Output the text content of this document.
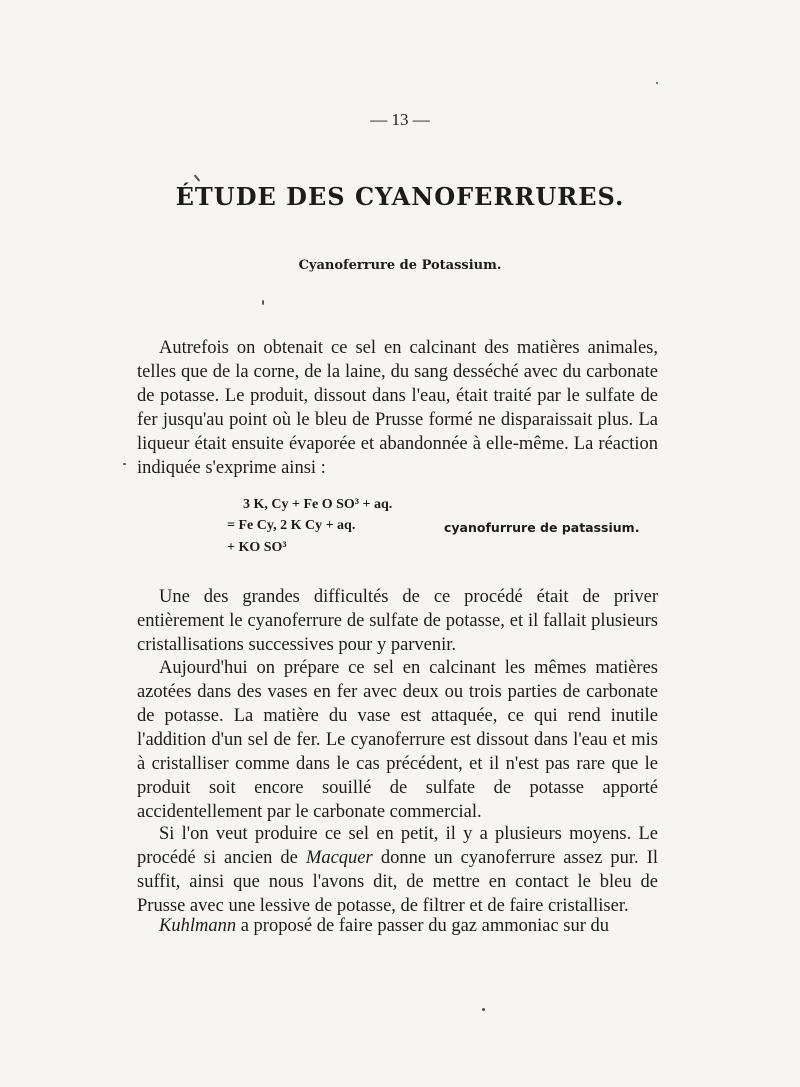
— 13 —
ÉTUDE DES CYANOFERRURES.
Cyanoferrure de Potassium.

Autrefois on obtenait ce sel en calcinant des matières animales, telles que de la corne, de la laine, du sang desséché avec du carbonate de potasse. Le produit, dissout dans l'eau, était traité par le sulfate de fer jusqu'au point où le bleu de Prusse formé ne disparaissait plus. La liqueur était ensuite évaporée et abandonnée à elle-même. La réaction indiquée s'exprime ainsi :

3 K, Cy + Fe O SO³ + aq.
= Fe Cy, 2 K Cy + aq.	cyanofurrure de patassium.
+ KO SO³

Une des grandes difficultés de ce procédé était de priver entièrement le cyanoferrure de sulfate de potasse, et il fallait plusieurs cristallisations successives pour y parvenir.

Aujourd'hui on prépare ce sel en calcinant les mêmes matières azotées dans des vases en fer avec deux ou trois parties de carbonate de potasse. La matière du vase est attaquée, ce qui rend inutile l'addition d'un sel de fer. Le cyanoferrure est dissout dans l'eau et mis à cristalliser comme dans le cas précédent, et il n'est pas rare que le produit soit encore souillé de sulfate de potasse apporté accidentellement par le carbonate commercial.

Si l'on veut produire ce sel en petit, il y a plusieurs moyens. Le procédé si ancien de Macquer donne un cyanoferrure assez pur. Il suffit, ainsi que nous l'avons dit, de mettre en contact le bleu de Prusse avec une lessive de potasse, de filtrer et de faire cristalliser.

Kuhlmann a proposé de faire passer du gaz ammoniac sur du
